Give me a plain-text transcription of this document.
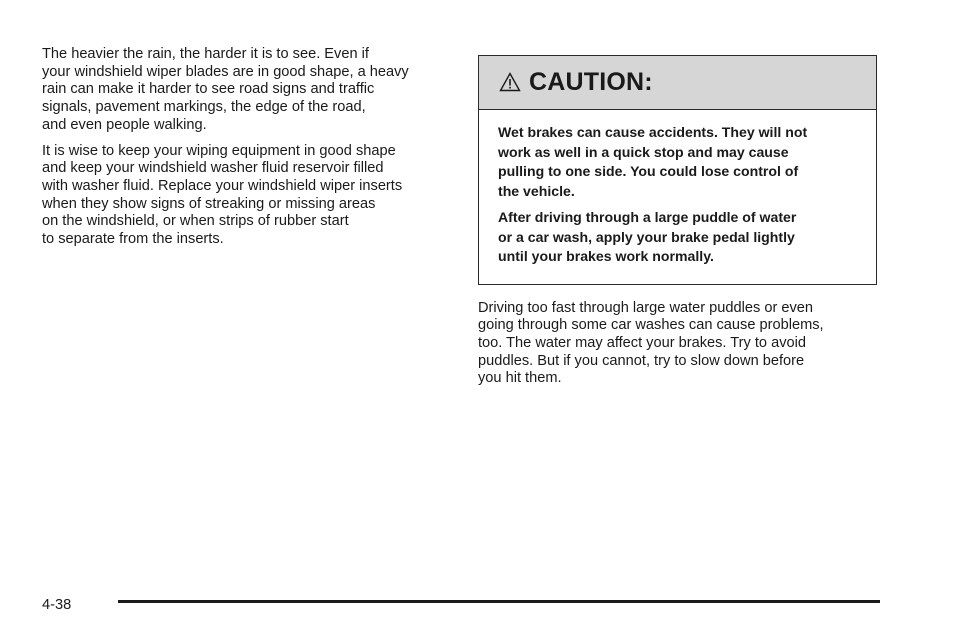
The heavier the rain, the harder it is to see. Even if
your windshield wiper blades are in good shape, a heavy
rain can make it harder to see road signs and traffic
signals, pavement markings, the edge of the road,
and even people walking.

It is wise to keep your wiping equipment in good shape
and keep your windshield washer fluid reservoir filled
with washer fluid. Replace your windshield wiper inserts
when they show signs of streaking or missing areas
on the windshield, or when strips of rubber start
to separate from the inserts.

CAUTION:

Wet brakes can cause accidents. They will not
work as well in a quick stop and may cause
pulling to one side. You could lose control of
the vehicle.

After driving through a large puddle of water
or a car wash, apply your brake pedal lightly
until your brakes work normally.

Driving too fast through large water puddles or even
going through some car washes can cause problems,
too. The water may affect your brakes. Try to avoid
puddles. But if you cannot, try to slow down before
you hit them.

4-38
